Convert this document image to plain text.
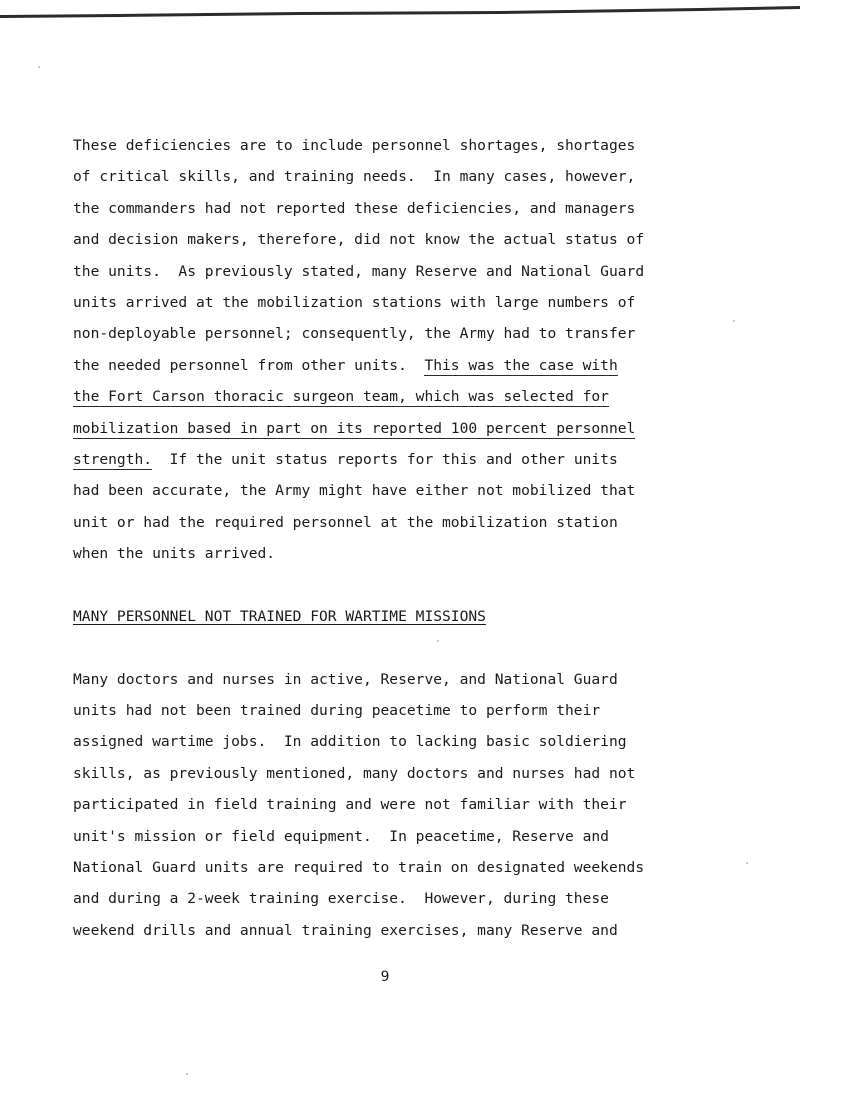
These deficiencies are to include personnel shortages, shortages
of critical skills, and training needs.  In many cases, however,
the commanders had not reported these deficiencies, and managers
and decision makers, therefore, did not know the actual status of
the units.  As previously stated, many Reserve and National Guard
units arrived at the mobilization stations with large numbers of
non-deployable personnel; consequently, the Army had to transfer
the needed personnel from other units.  This was the case with
the Fort Carson thoracic surgeon team, which was selected for
mobilization based in part on its reported 100 percent personnel
strength.  If the unit status reports for this and other units
had been accurate, the Army might have either not mobilized that
unit or had the required personnel at the mobilization station
when the units arrived.
MANY PERSONNEL NOT TRAINED FOR WARTIME MISSIONS
Many doctors and nurses in active, Reserve, and National Guard
units had not been trained during peacetime to perform their
assigned wartime jobs.  In addition to lacking basic soldiering
skills, as previously mentioned, many doctors and nurses had not
participated in field training and were not familiar with their
unit's mission or field equipment.  In peacetime, Reserve and
National Guard units are required to train on designated weekends
and during a 2-week training exercise.  However, during these
weekend drills and annual training exercises, many Reserve and
9
